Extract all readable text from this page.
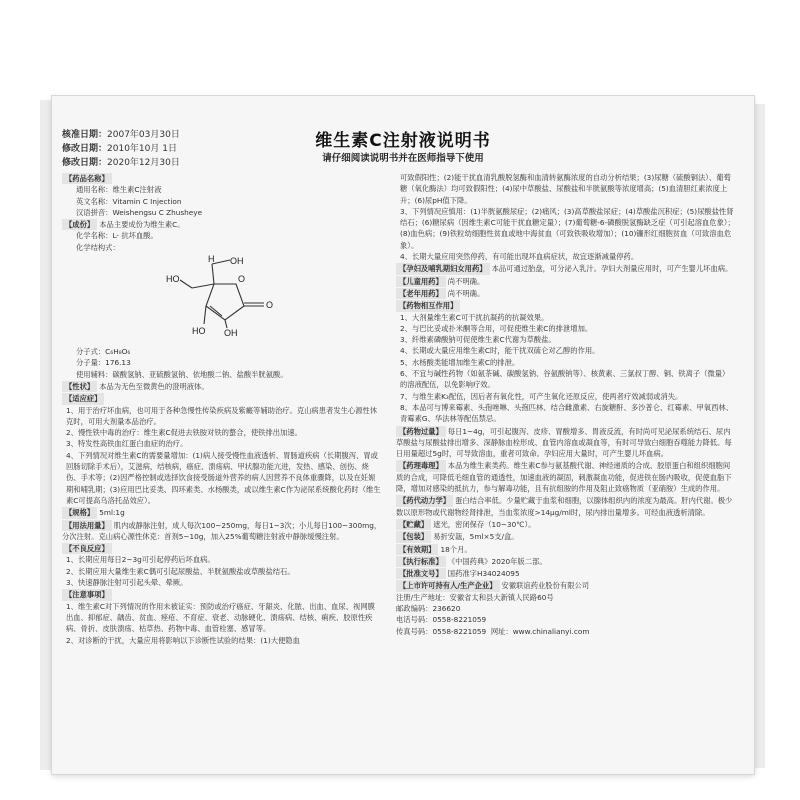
核准日期：2007年03月30日
修改日期：2010年10月 1日
修改日期：2020年12月30日
维生素C注射液说明书
请仔细阅读说明书并在医师指导下使用
【药品名称】
通用名称：维生素C注射液
英文名称：Vitamin C Injection
汉语拼音：Weishengsu C Zhusheye
【成份】 本品主要成份为维生素C。
化学名称：L- 抗坏血酸。
化学结构式：
H OH
HO	O
O
HO OH
分子式：C₆H₈O₆
分子量：176.13
使用辅料：碳酸氢钠、亚硫酸氢钠、依地酸二钠、盐酸半胱氨酸。
【性状】 本品为无色至微黄色的澄明液体。
【适应症】
1、用于治疗坏血病，也可用于各种急慢性传染疾病及紫癜等辅助治疗。克山病患者发生心源性休克时，可用大剂量本品治疗。
2、慢性铁中毒的治疗：维生素C促进去铁胺对铁的螯合，使铁排出加速。
3、特发性高铁血红蛋白血症的治疗。
4、下列情况对维生素C的需要量增加：(1)病人接受慢性血液透析、胃肠道疾病（长期腹泻、胃或回肠切除手术后），艾滋病，结核病，癌症、溃疡病、甲状腺功能亢进，发热、感染、创伤、烧伤、手术等；(2)因严格控制或选择饮食接受肠道外营养的病人因营养不良体重骤降，以及在妊娠期和哺乳期；(3)应用巴比妥类、四环素类、水杨酸类，或以维生素C作为泌尿系统酸化药时（维生素C可提高乌洛托品效应）。
【规格】 5ml:1g
【用法用量】 肌内或静脉注射，成人每次100~250mg，每日1~3次；小儿每日100~300mg，分次注射。克山病心源性休克：首剂5~10g，加入25%葡萄糖注射液中静脉缓慢注射。
【不良反应】
1、长期应用每日2~3g可引起停药后坏血病。
2、长期应用大量维生素C偶可引起尿酸盐、半胱氨酸盐或草酸盐结石。
3、快速静脉注射可引起头晕、晕厥。
【注意事项】
1、维生素C对下列情况的作用未被证实：预防或治疗癌症、牙龈炎、化脓、出血、血尿、视网膜出血、抑郁症、龋齿、贫血、痤疮、不育症、衰老、动脉硬化、溃疡病、结核、痢疾、胶原性疾病、骨折、皮肤溃疡、枯草热、药物中毒、血管栓塞、感冒等。
2、对诊断的干扰，大量应用将影响以下诊断性试验的结果：(1)大便隐血
可致假阳性；(2)能干扰血清乳酸脱氢酶和血清转氨酶浓度的自动分析结果；(3)尿糖（硫酸铜法）、葡萄糖（氧化酶法）均可致假阳性；(4)尿中草酸盐、尿酸盐和半胱氨酸等浓度增高；(5)血清胆红素浓度上升；(6)尿pH值下降。
3、下列情况应慎用：(1)半胱氨酸尿症；(2)痛风；(3)高草酸盐尿症；(4)草酸盐沉积症；(5)尿酸盐性肾结石；(6)糖尿病（因维生素C可能干扰血糖定量）；(7)葡萄糖-6-磷酸脱氢酶缺乏症（可引起溶血危象）；(8)血色病；(9)铁粒幼细胞性贫血或地中海贫血（可致铁吸收增加）；(10)镰形红细胞贫血（可致溶血危象）。
4、长期大量应用突然停药，有可能出现坏血病症状，故宜逐渐减量停药。
【孕妇及哺乳期妇女用药】 本品可通过胎盘，可分泌入乳汁。孕妇大剂量应用时，可产生婴儿坏血病。
【儿童用药】 尚不明确。
【老年用药】 尚不明确。
【药物相互作用】
1、大剂量维生素C可干扰抗凝药的抗凝效果。
2、与巴比妥或扑米酮等合用，可促使维生素C的排泄增加。
3、纤维素磷酸钠可促使维生素C代谢为草酸盐。
4、长期或大量应用维生素C时，能干扰双硫仑对乙醇的作用。
5、水杨酸类能增加维生素C的排泄。
6、不宜与碱性药物（如氨茶碱、碳酸氢钠、谷氨酸钠等）、核黄素、三氯叔丁醇、铜、铁离子（微量）的溶液配伍，以免影响疗效。
7、与维生素K₃配伍，因后者有氧化性，可产生氧化还原反应，使两者疗效减弱或消失。
8、本品可与博来霉素、头孢唑啉、头孢匹林、结合雌激素、右旋糖酐、多沙普仑、红霉素、甲氧西林、青霉素G、华法林等配伍禁忌。
【药物过量】 每日1~4g，可引起腹泻、皮疹、胃酸增多、胃液反流，有时尚可见泌尿系统结石、尿内草酸盐与尿酸盐排出增多、深静脉血栓形成、血管内溶血或凝血等，有时可导致白细胞吞噬能力降低。每日用量超过5g时，可导致溶血，重者可致命。孕妇应用大量时，可产生婴儿坏血病。
【药理毒理】 本品为维生素类药。维生素C参与氨基酸代谢、神经递质的合成、胶原蛋白和组织细胞间质的合成，可降低毛细血管的通透性，加速血液的凝固，刺激凝血功能，促进铁在肠内吸收，促使血脂下降，增加对感染的抵抗力，参与解毒功能，且有抗组胺的作用及阻止致癌物质（亚硝胺）生成的作用。
【药代动力学】 蛋白结合率低。少量贮藏于血浆和细胞，以腺体组织内的浓度为最高。肝内代谢。极少数以原形物或代谢物经肾排泄，当血浆浓度>14μg/ml时，尿内排出量增多。可经血液透析清除。
【贮藏】 遮光，密闭保存（10~30℃）。
【包装】 易折安瓿，5ml×5支/盒。
【有效期】 18个月。
【执行标准】 《中国药典》2020年版二部。
【批准文号】 国药准字H34024095
【上市许可持有人/生产企业】 安徽联谊药业股份有限公司
注册/生产地址：安徽省太和县大新镇人民路60号
邮政编码：236620
电话号码：0558-8221059
传真号码：0558-8221059 网址：www.chinalianyi.com
